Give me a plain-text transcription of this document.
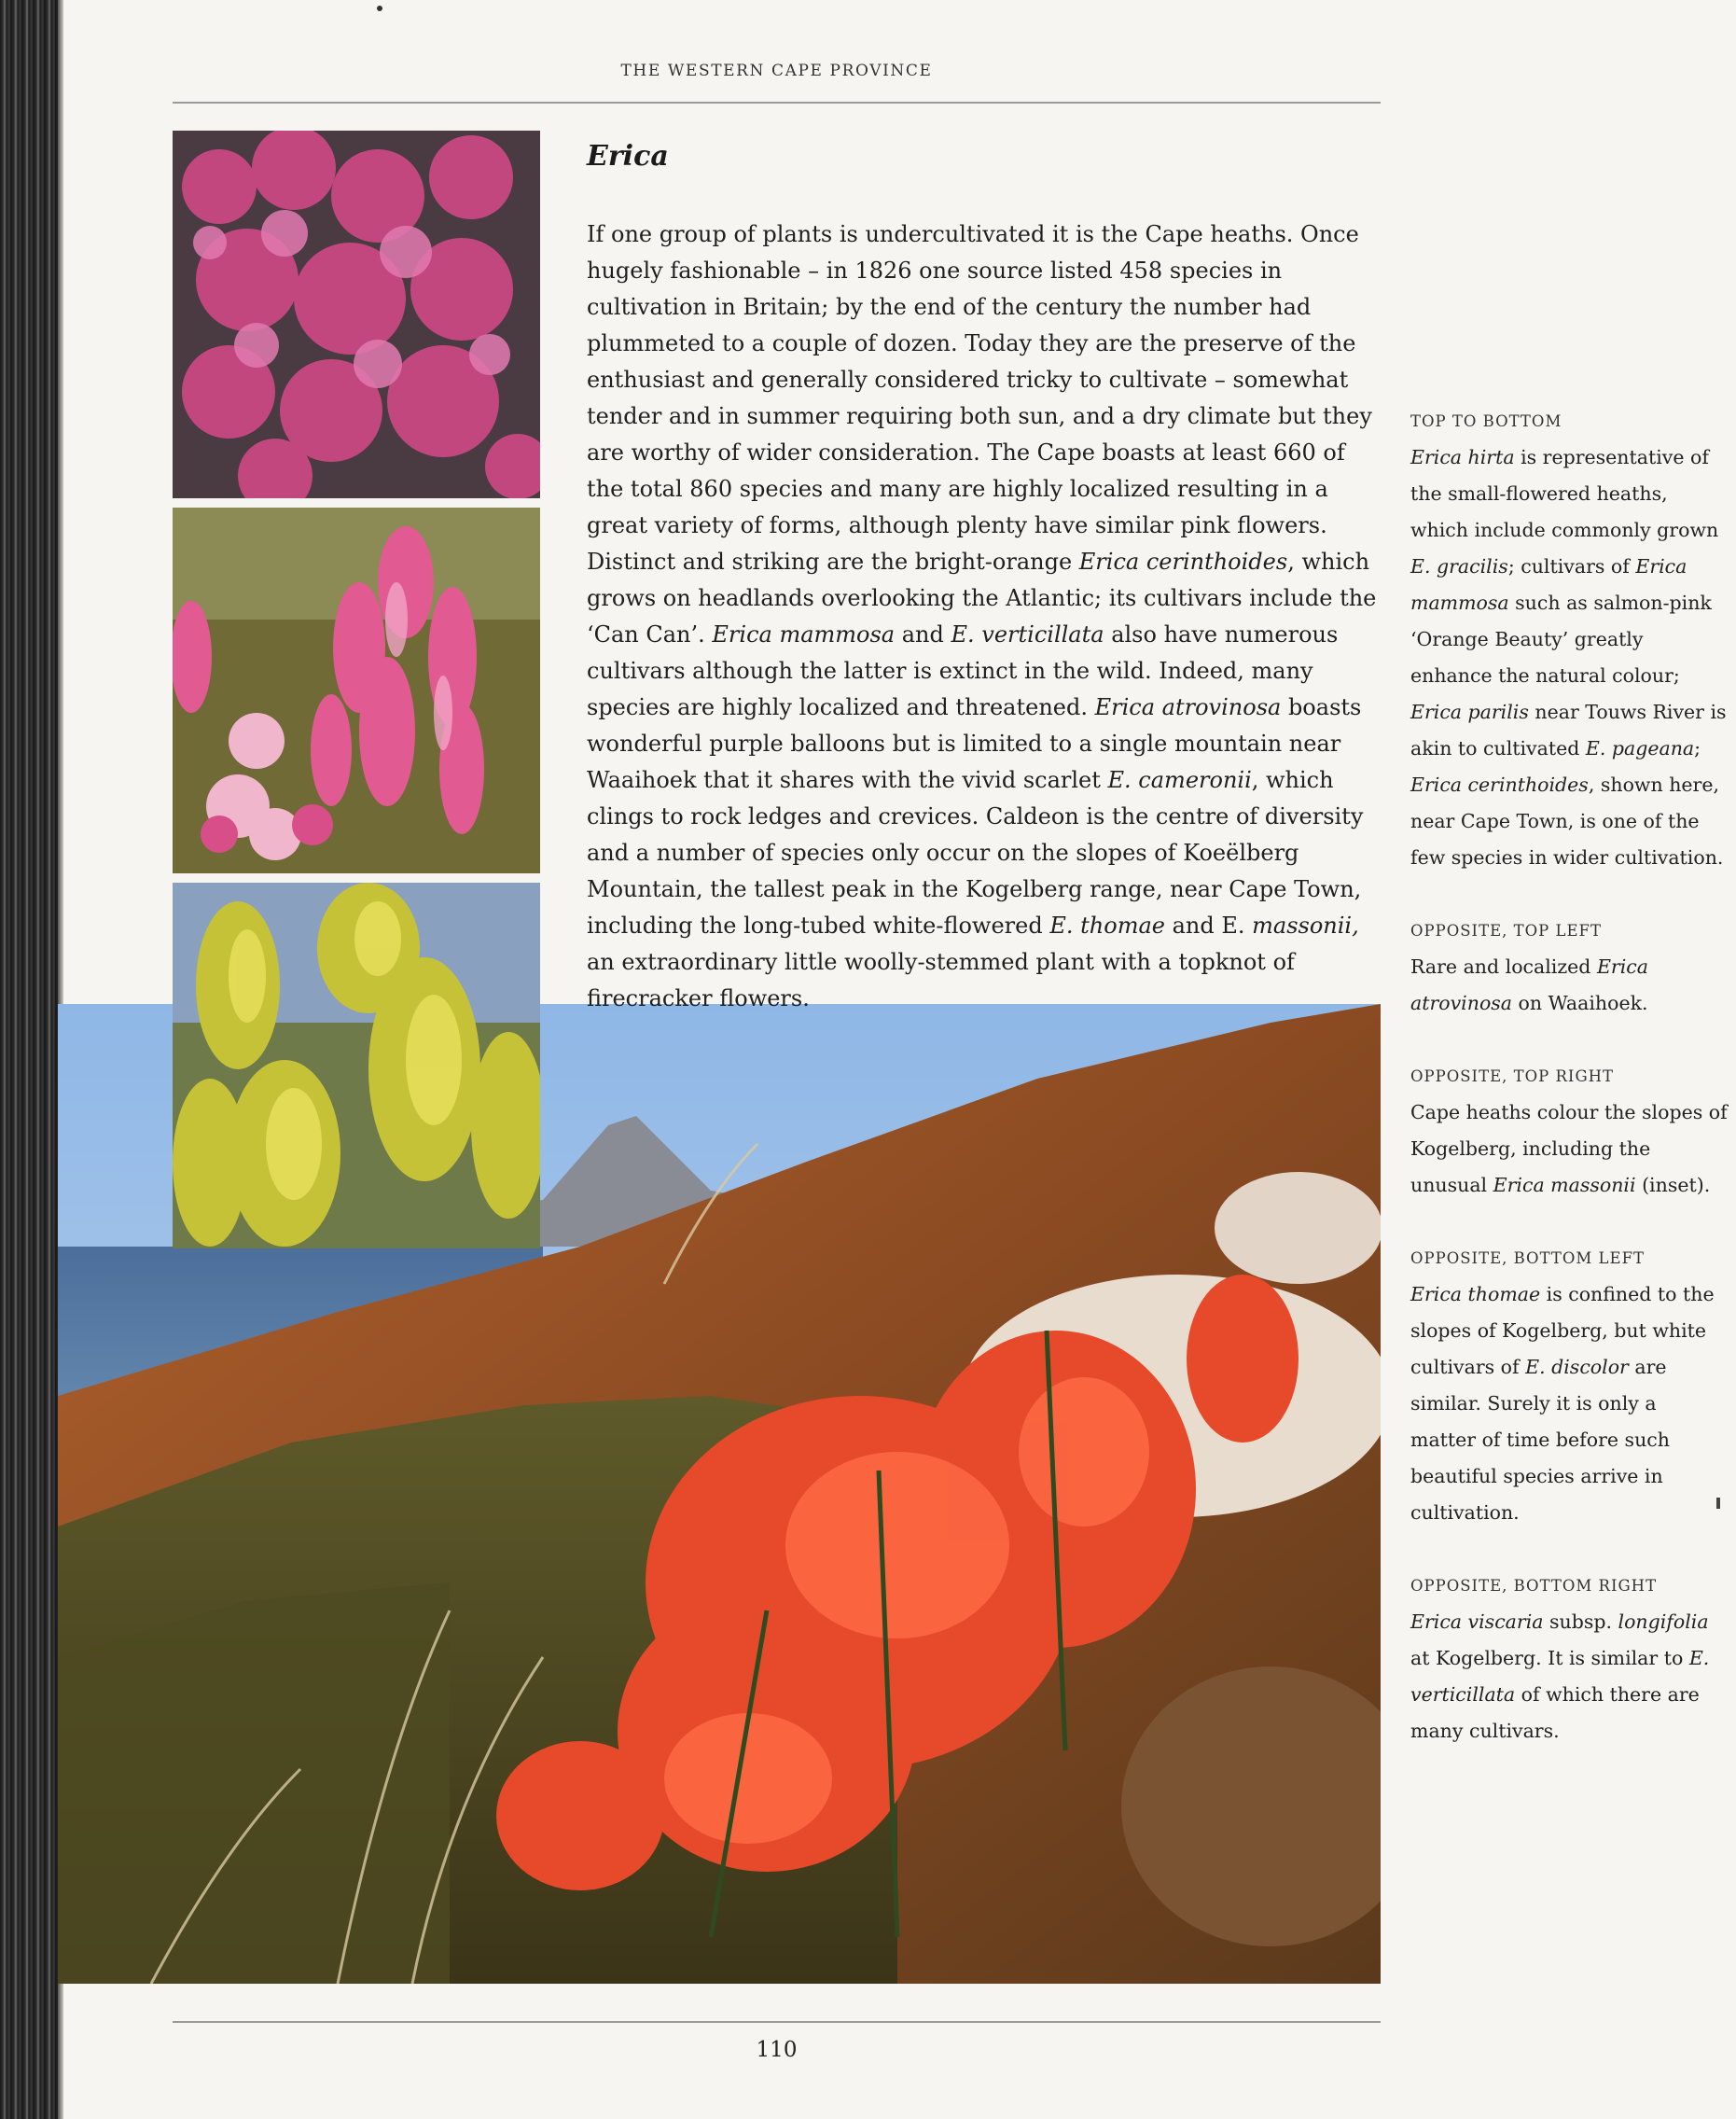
THE WESTERN CAPE PROVINCE
Erica

If one group of plants is undercultivated it is the Cape heaths. Once hugely fashionable – in 1826 one source listed 458 species in cultivation in Britain; by the end of the century the number had plummeted to a couple of dozen. Today they are the preserve of the enthusiast and generally considered tricky to cultivate – somewhat tender and in summer requiring both sun, and a dry climate but they are worthy of wider consideration. The Cape boasts at least 660 of the total 860 species and many are highly localized resulting in a great variety of forms, although plenty have similar pink flowers. Distinct and striking are the bright-orange Erica cerinthoides, which grows on headlands overlooking the Atlantic; its cultivars include the ‘Can Can’. Erica mammosa and E. verticillata also have numerous cultivars although the latter is extinct in the wild. Indeed, many species are highly localized and threatened. Erica atrovinosa boasts wonderful purple balloons but is limited to a single mountain near Waaihoek that it shares with the vivid scarlet E. cameronii, which clings to rock ledges and crevices. Caldeon is the centre of diversity and a number of species only occur on the slopes of Koeëlberg Mountain, the tallest peak in the Kogelberg range, near Cape Town, including the long-tubed white-flowered E. thomae and E. massonii, an extraordinary little woolly-stemmed plant with a topknot of firecracker flowers.

TOP TO BOTTOM

Erica hirta is representative of the small-flowered heaths, which include commonly grown E. gracilis; cultivars of Erica mammosa such as salmon-pink ‘Orange Beauty’ greatly enhance the natural colour; Erica parilis near Touws River is akin to cultivated E. pageana; Erica cerinthoides, shown here, near Cape Town, is one of the few species in wider cultivation.

OPPOSITE, TOP LEFT

Rare and localized Erica atrovinosa on Waaihoek.

OPPOSITE, TOP RIGHT

Cape heaths colour the slopes of Kogelberg, including the unusual Erica massonii (inset).

OPPOSITE, BOTTOM LEFT

Erica thomae is confined to the slopes of Kogelberg, but white cultivars of E. discolor are similar. Surely it is only a matter of time before such beautiful species arrive in cultivation.

OPPOSITE, BOTTOM RIGHT

Erica viscaria subsp. longifolia at Kogelberg. It is similar to E. verticillata of which there are many cultivars.

110
